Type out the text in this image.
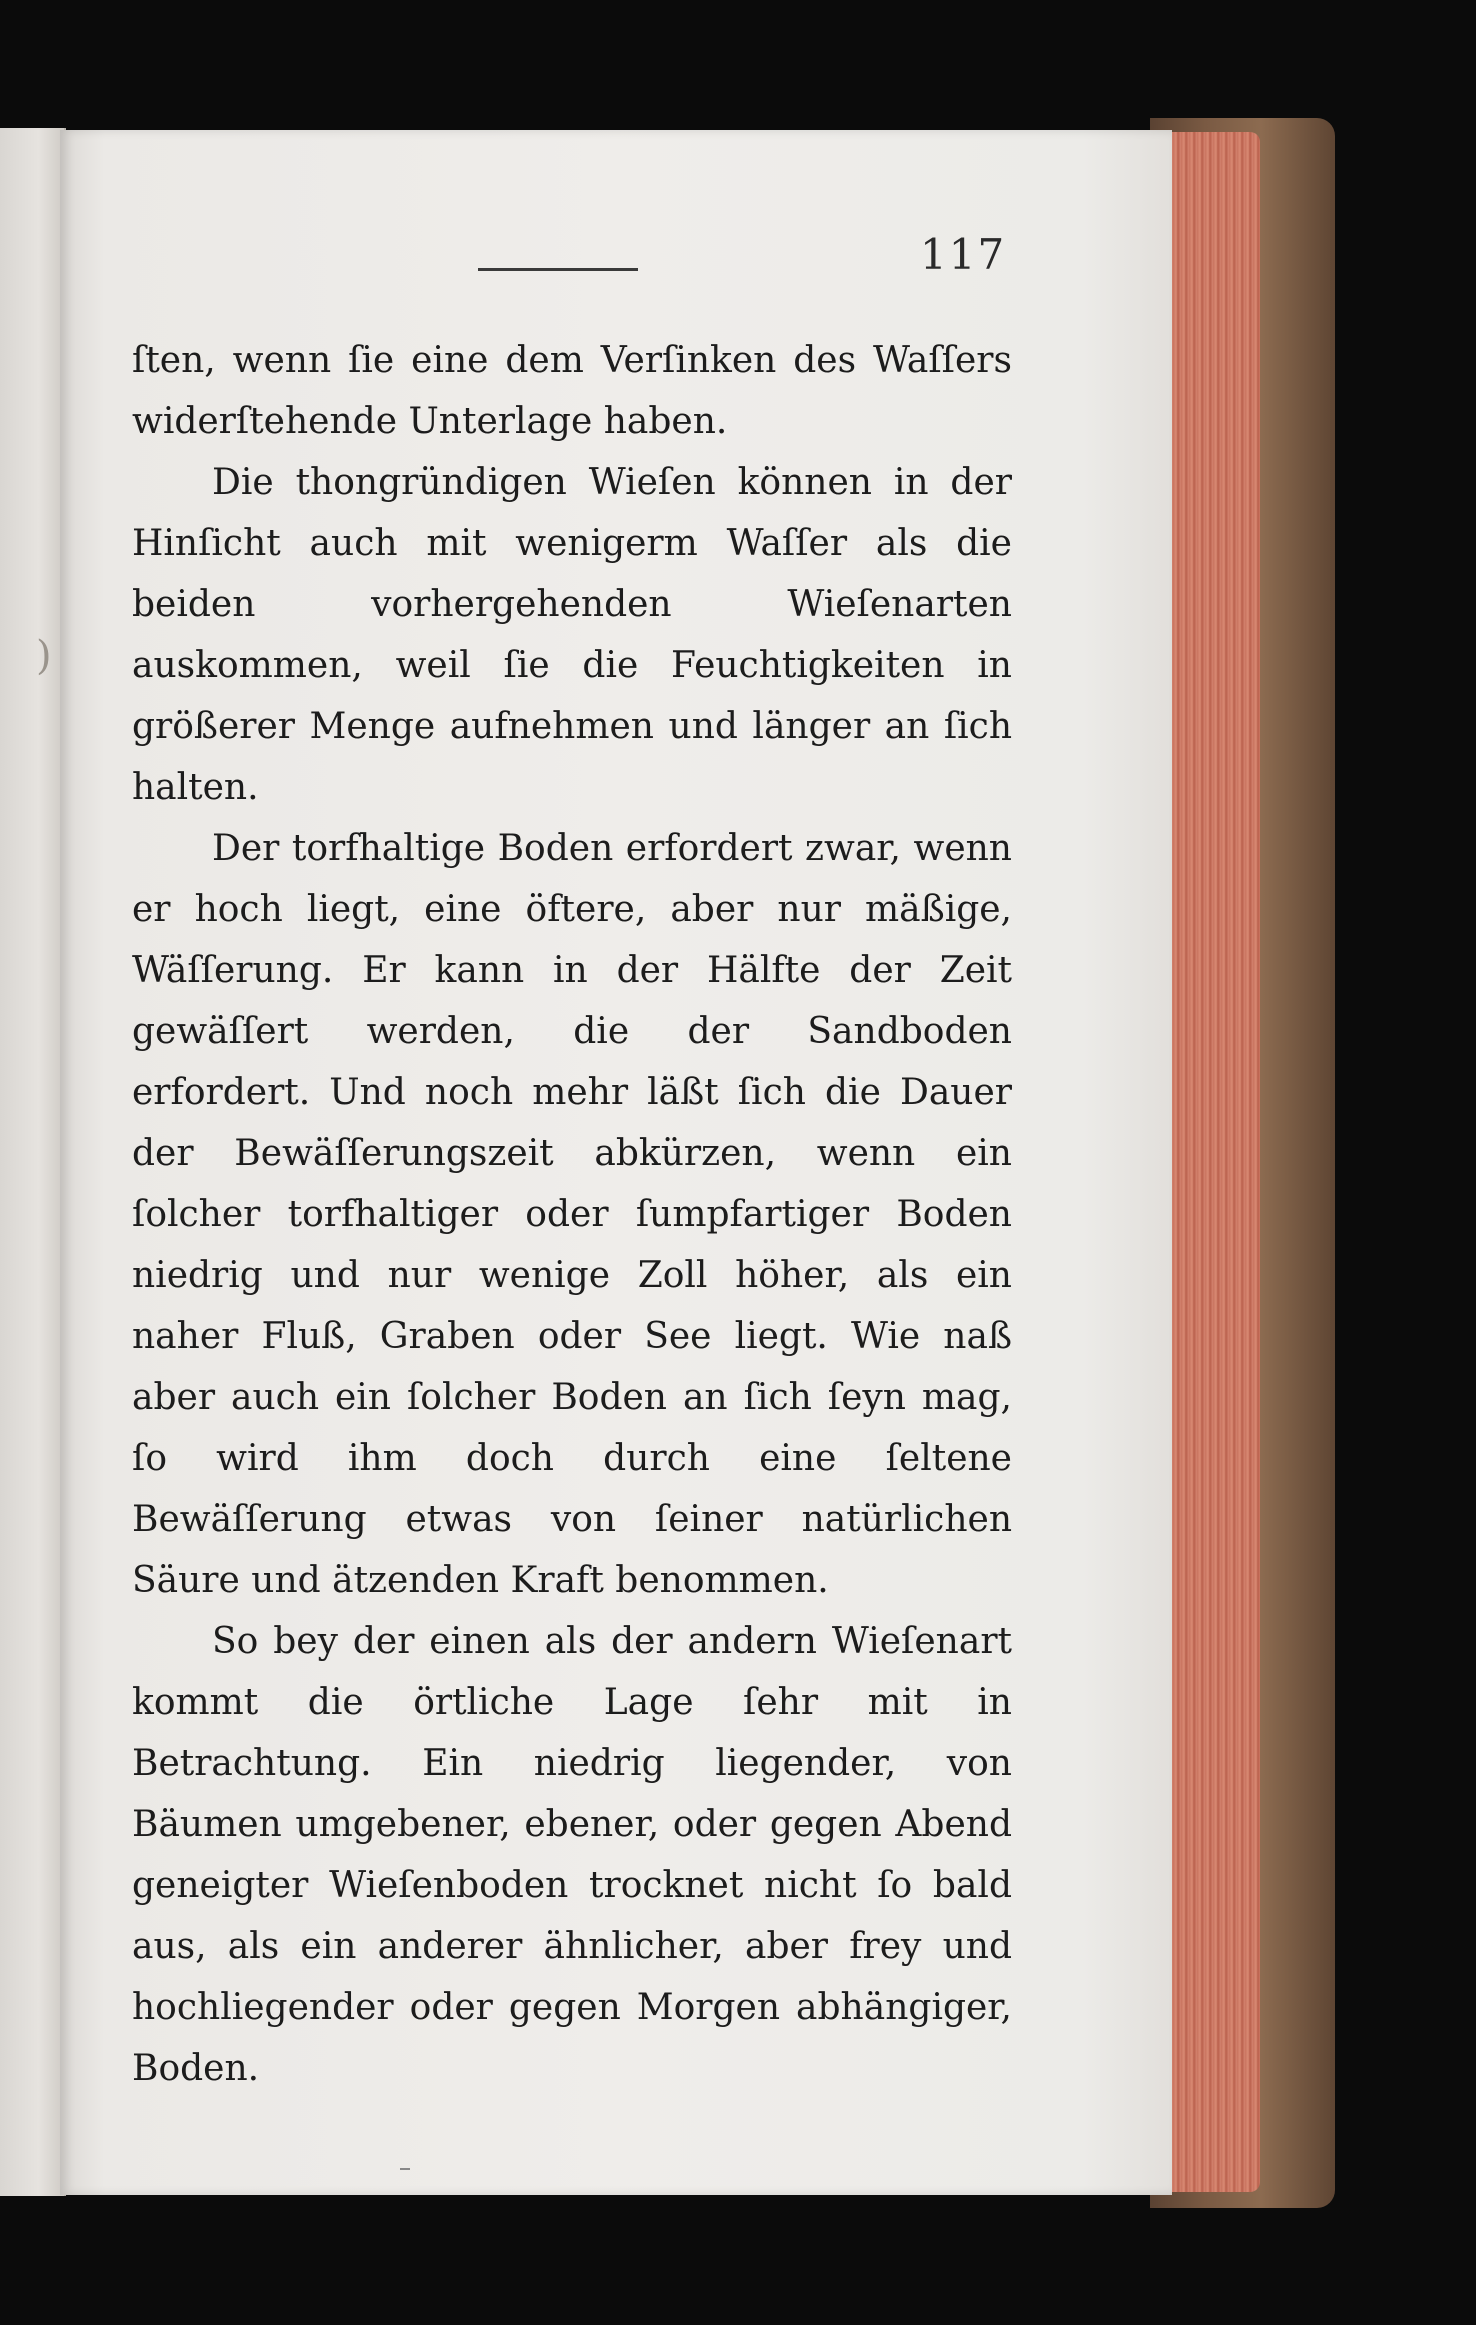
)
117

ſten, wenn ſie eine dem Verſinken des Waſſers widerſtehende Unterlage haben.

Die thongründigen Wieſen können in der Hinſicht auch mit wenigerm Waſſer als die beiden vorhergehenden Wieſenarten auskommen, weil ſie die Feuchtigkeiten in größerer Menge aufnehmen und länger an ſich halten.

Der torfhaltige Boden erfordert zwar, wenn er hoch liegt, eine öftere, aber nur mäßige, Wäſſerung. Er kann in der Hälfte der Zeit gewäſſert werden, die der Sandboden erfordert. Und noch mehr läßt ſich die Dauer der Bewäſſerungszeit abkürzen, wenn ein ſolcher torfhaltiger oder ſumpfartiger Boden niedrig und nur wenige Zoll höher, als ein naher Fluß, Graben oder See liegt. Wie naß aber auch ein ſolcher Boden an ſich ſeyn mag, ſo wird ihm doch durch eine ſeltene Bewäſſerung etwas von ſeiner natürlichen Säure und ätzenden Kraft benommen.

So bey der einen als der andern Wieſenart kommt die örtliche Lage ſehr mit in Betrachtung. Ein niedrig liegender, von Bäumen umgebener, ebener, oder gegen Abend geneigter Wieſenboden trocknet nicht ſo bald aus, als ein anderer ähnlicher, aber frey und hochliegender oder gegen Morgen abhängiger, Boden.
